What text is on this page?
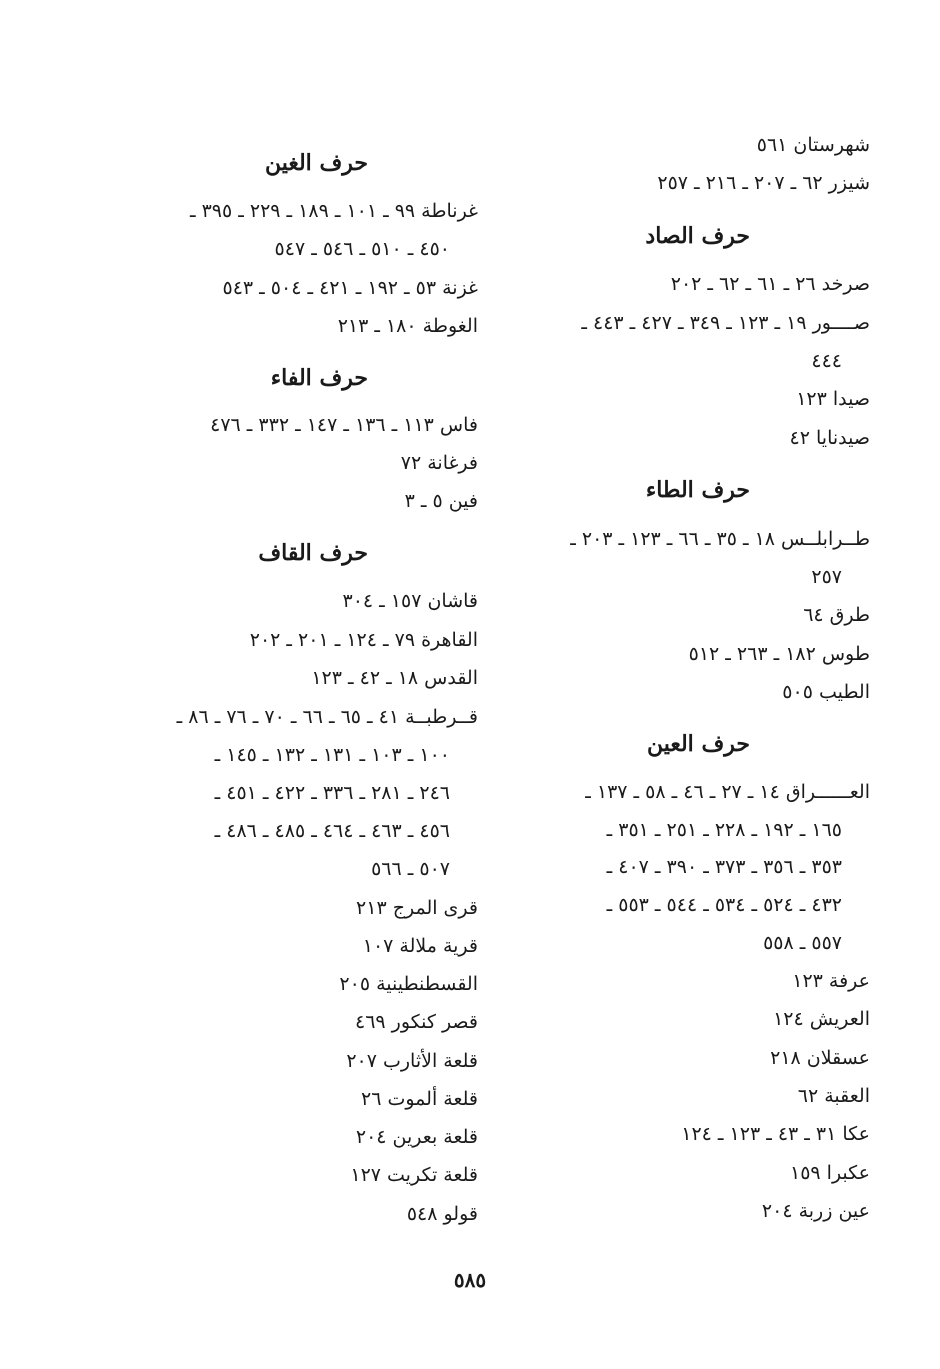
شهرستان ٥٦١
شيزر ٦٢ ـ ٢٠٧ ـ ٢١٦ ـ ٢٥٧
حرف الصاد
صرخد ٢٦ ـ ٦١ ـ ٦٢ ـ ٢٠٢
صــــور ١٩ ـ ١٢٣ ـ ٣٤٩ ـ ٤٢٧ ـ ٤٤٣ ـ
٤٤٤
صيدا ١٢٣
صيدنايا ٤٢
حرف الطاء
طــرابلــس ١٨ ـ ٣٥ ـ ٦٦ ـ ١٢٣ ـ ٢٠٣ ـ
٢٥٧
طرق ٦٤
طوس ١٨٢ ـ ٢٦٣ ـ ٥١٢
الطيب ٥٠٥
حرف العين
العــــــراق ١٤ ـ ٢٧ ـ ٤٦ ـ ٥٨ ـ ١٣٧ ـ
١٦٥ ـ ١٩٢ ـ ٢٢٨ ـ ٢٥١ ـ ٣٥١ ـ
٣٥٣ ـ ٣٥٦ ـ ٣٧٣ ـ ٣٩٠ ـ ٤٠٧ ـ
٤٣٢ ـ ٥٢٤ ـ ٥٣٤ ـ ٥٤٤ ـ ٥٥٣ ـ
٥٥٧ ـ ٥٥٨
عرفة ١٢٣
العريش ١٢٤
عسقلان ٢١٨
العقبة ٦٢
عكا ٣١ ـ ٤٣ ـ ١٢٣ ـ ١٢٤
عكبرا ١٥٩
عين زربة ٢٠٤
حرف الغين
غرناطة ٩٩ ـ ١٠١ ـ ١٨٩ ـ ٢٢٩ ـ ٣٩٥ ـ
٤٥٠ ـ ٥١٠ ـ ٥٤٦ ـ ٥٤٧
غزنة ٥٣ ـ ١٩٢ ـ ٤٢١ ـ ٥٠٤ ـ ٥٤٣
الغوطة ١٨٠ ـ ٢١٣
حرف الفاء
فاس ١١٣ ـ ١٣٦ ـ ١٤٧ ـ ٣٣٢ ـ ٤٧٦
فرغانة ٧٢
فين ٥ ـ ٣
حرف القاف
قاشان ١٥٧ ـ ٣٠٤
القاهرة ٧٩ ـ ١٢٤ ـ ٢٠١ ـ ٢٠٢
القدس ١٨ ـ ٤٢ ـ ١٢٣
قــرطبــة ٤١ ـ ٦٥ ـ ٦٦ ـ ٧٠ ـ ٧٦ ـ ٨٦ ـ
١٠٠ ـ ١٠٣ ـ ١٣١ ـ ١٣٢ ـ ١٤٥ ـ
٢٤٦ ـ ٢٨١ ـ ٣٣٦ ـ ٤٢٢ ـ ٤٥١ ـ
٤٥٦ ـ ٤٦٣ ـ ٤٦٤ ـ ٤٨٥ ـ ٤٨٦ ـ
٥٠٧ ـ ٥٦٦
قرى المرج ٢١٣
قرية ملالة ١٠٧
القسطنطينية ٢٠٥
قصر كنكور ٤٦٩
قلعة الأثارب ٢٠٧
قلعة ألموت ٢٦
قلعة بعرين ٢٠٤
قلعة تكريت ١٢٧
قولو ٥٤٨
٥٨٥
